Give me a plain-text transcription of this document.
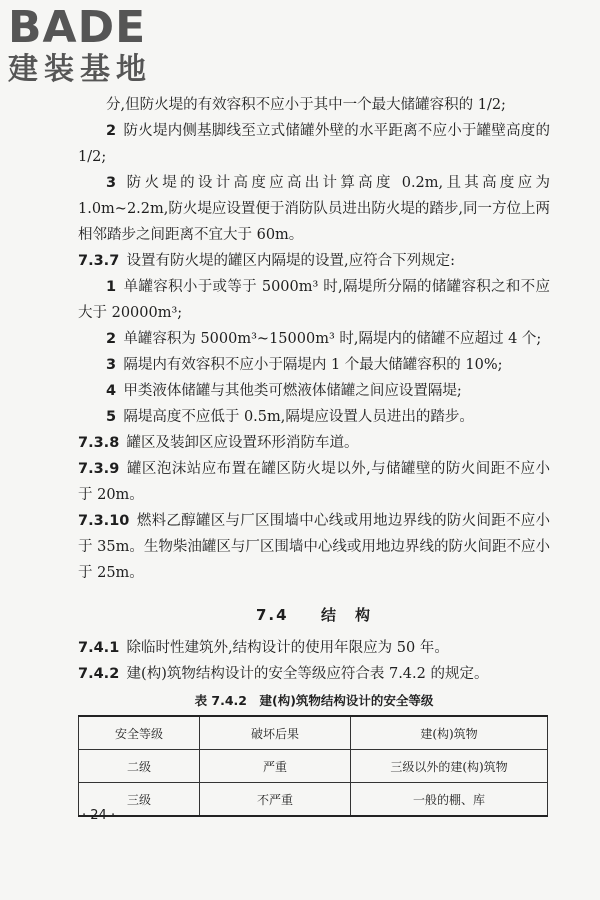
BADE
建装基地

分,但防火堤的有效容积不应小于其中一个最大储罐容积的 1/2;

2  防火堤内侧基脚线至立式储罐外壁的水平距离不应小于罐壁高度的 1/2;

3  防火堤的设计高度应高出计算高度 0.2m,且其高度应为 1.0m~2.2m,防火堤应设置便于消防队员进出防火堤的踏步,同一方位上两相邻踏步之间距离不宜大于 60m。

7.3.7  设置有防火堤的罐区内隔堤的设置,应符合下列规定:

1  单罐容积小于或等于 5000m³ 时,隔堤所分隔的储罐容积之和不应大于 20000m³;

2  单罐容积为 5000m³~15000m³ 时,隔堤内的储罐不应超过 4 个;

3  隔堤内有效容积不应小于隔堤内 1 个最大储罐容积的 10%;

4  甲类液体储罐与其他类可燃液体储罐之间应设置隔堤;

5  隔堤高度不应低于 0.5m,隔堤应设置人员进出的踏步。

7.3.8  罐区及装卸区应设置环形消防车道。

7.3.9  罐区泡沫站应布置在罐区防火堤以外,与储罐壁的防火间距不应小于 20m。

7.3.10  燃料乙醇罐区与厂区围墙中心线或用地边界线的防火间距不应小于 35m。生物柴油罐区与厂区围墙中心线或用地边界线的防火间距不应小于 25m。

7.4 结　构

7.4.1  除临时性建筑外,结构设计的使用年限应为 50 年。

7.4.2  建(构)筑物结构设计的安全等级应符合表 7.4.2 的规定。

表 7.4.2　建(构)筑物结构设计的安全等级
安全等级	破坏后果	建(构)筑物
二级	严重	三级以外的建(构)筑物
三级	不严重	一般的棚、库
· 24 ·
